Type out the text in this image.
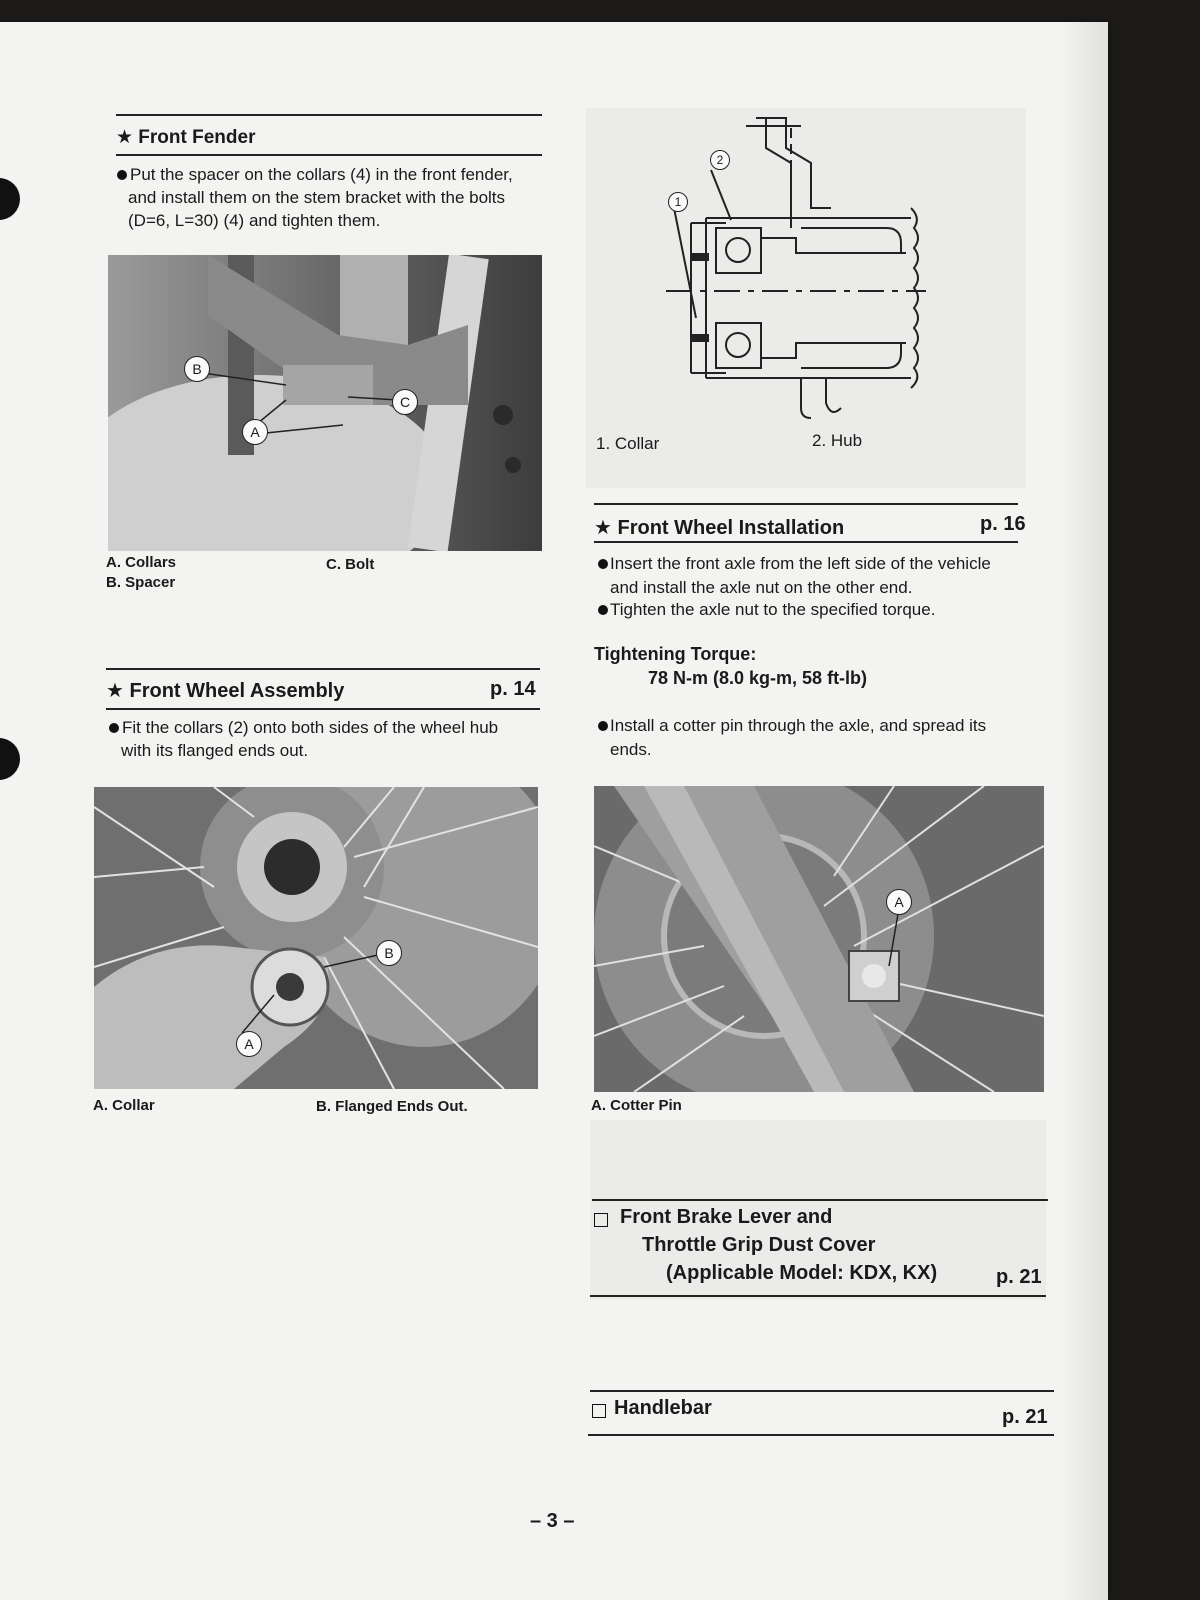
★ Front Fender
Put the spacer on the collars (4) in the front fender,
and install them on the stem bracket with the bolts
(D=6, L=30) (4) and tighten them.
B
A
C
A. Collars
B. Spacer
C. Bolt
★ Front Wheel Assembly	p. 14
Fit the collars (2) onto both sides of the wheel hub
with its flanged ends out.
A
B
A. Collar	B. Flanged Ends Out.
1
2
1. Collar	2. Hub
★ Front Wheel Installation	p. 16
Insert the front axle from the left side of the vehicle
and install the axle nut on the other end.
Tighten the axle nut to the specified torque.
Tightening Torque:
78 N-m (8.0 kg-m, 58 ft-lb)
Install a cotter pin through the axle, and spread its
ends.
A
A. Cotter Pin
Front Brake Lever and
Throttle Grip Dust Cover
(Applicable Model: KDX, KX)	p. 21
Handlebar	p. 21
– 3 –
